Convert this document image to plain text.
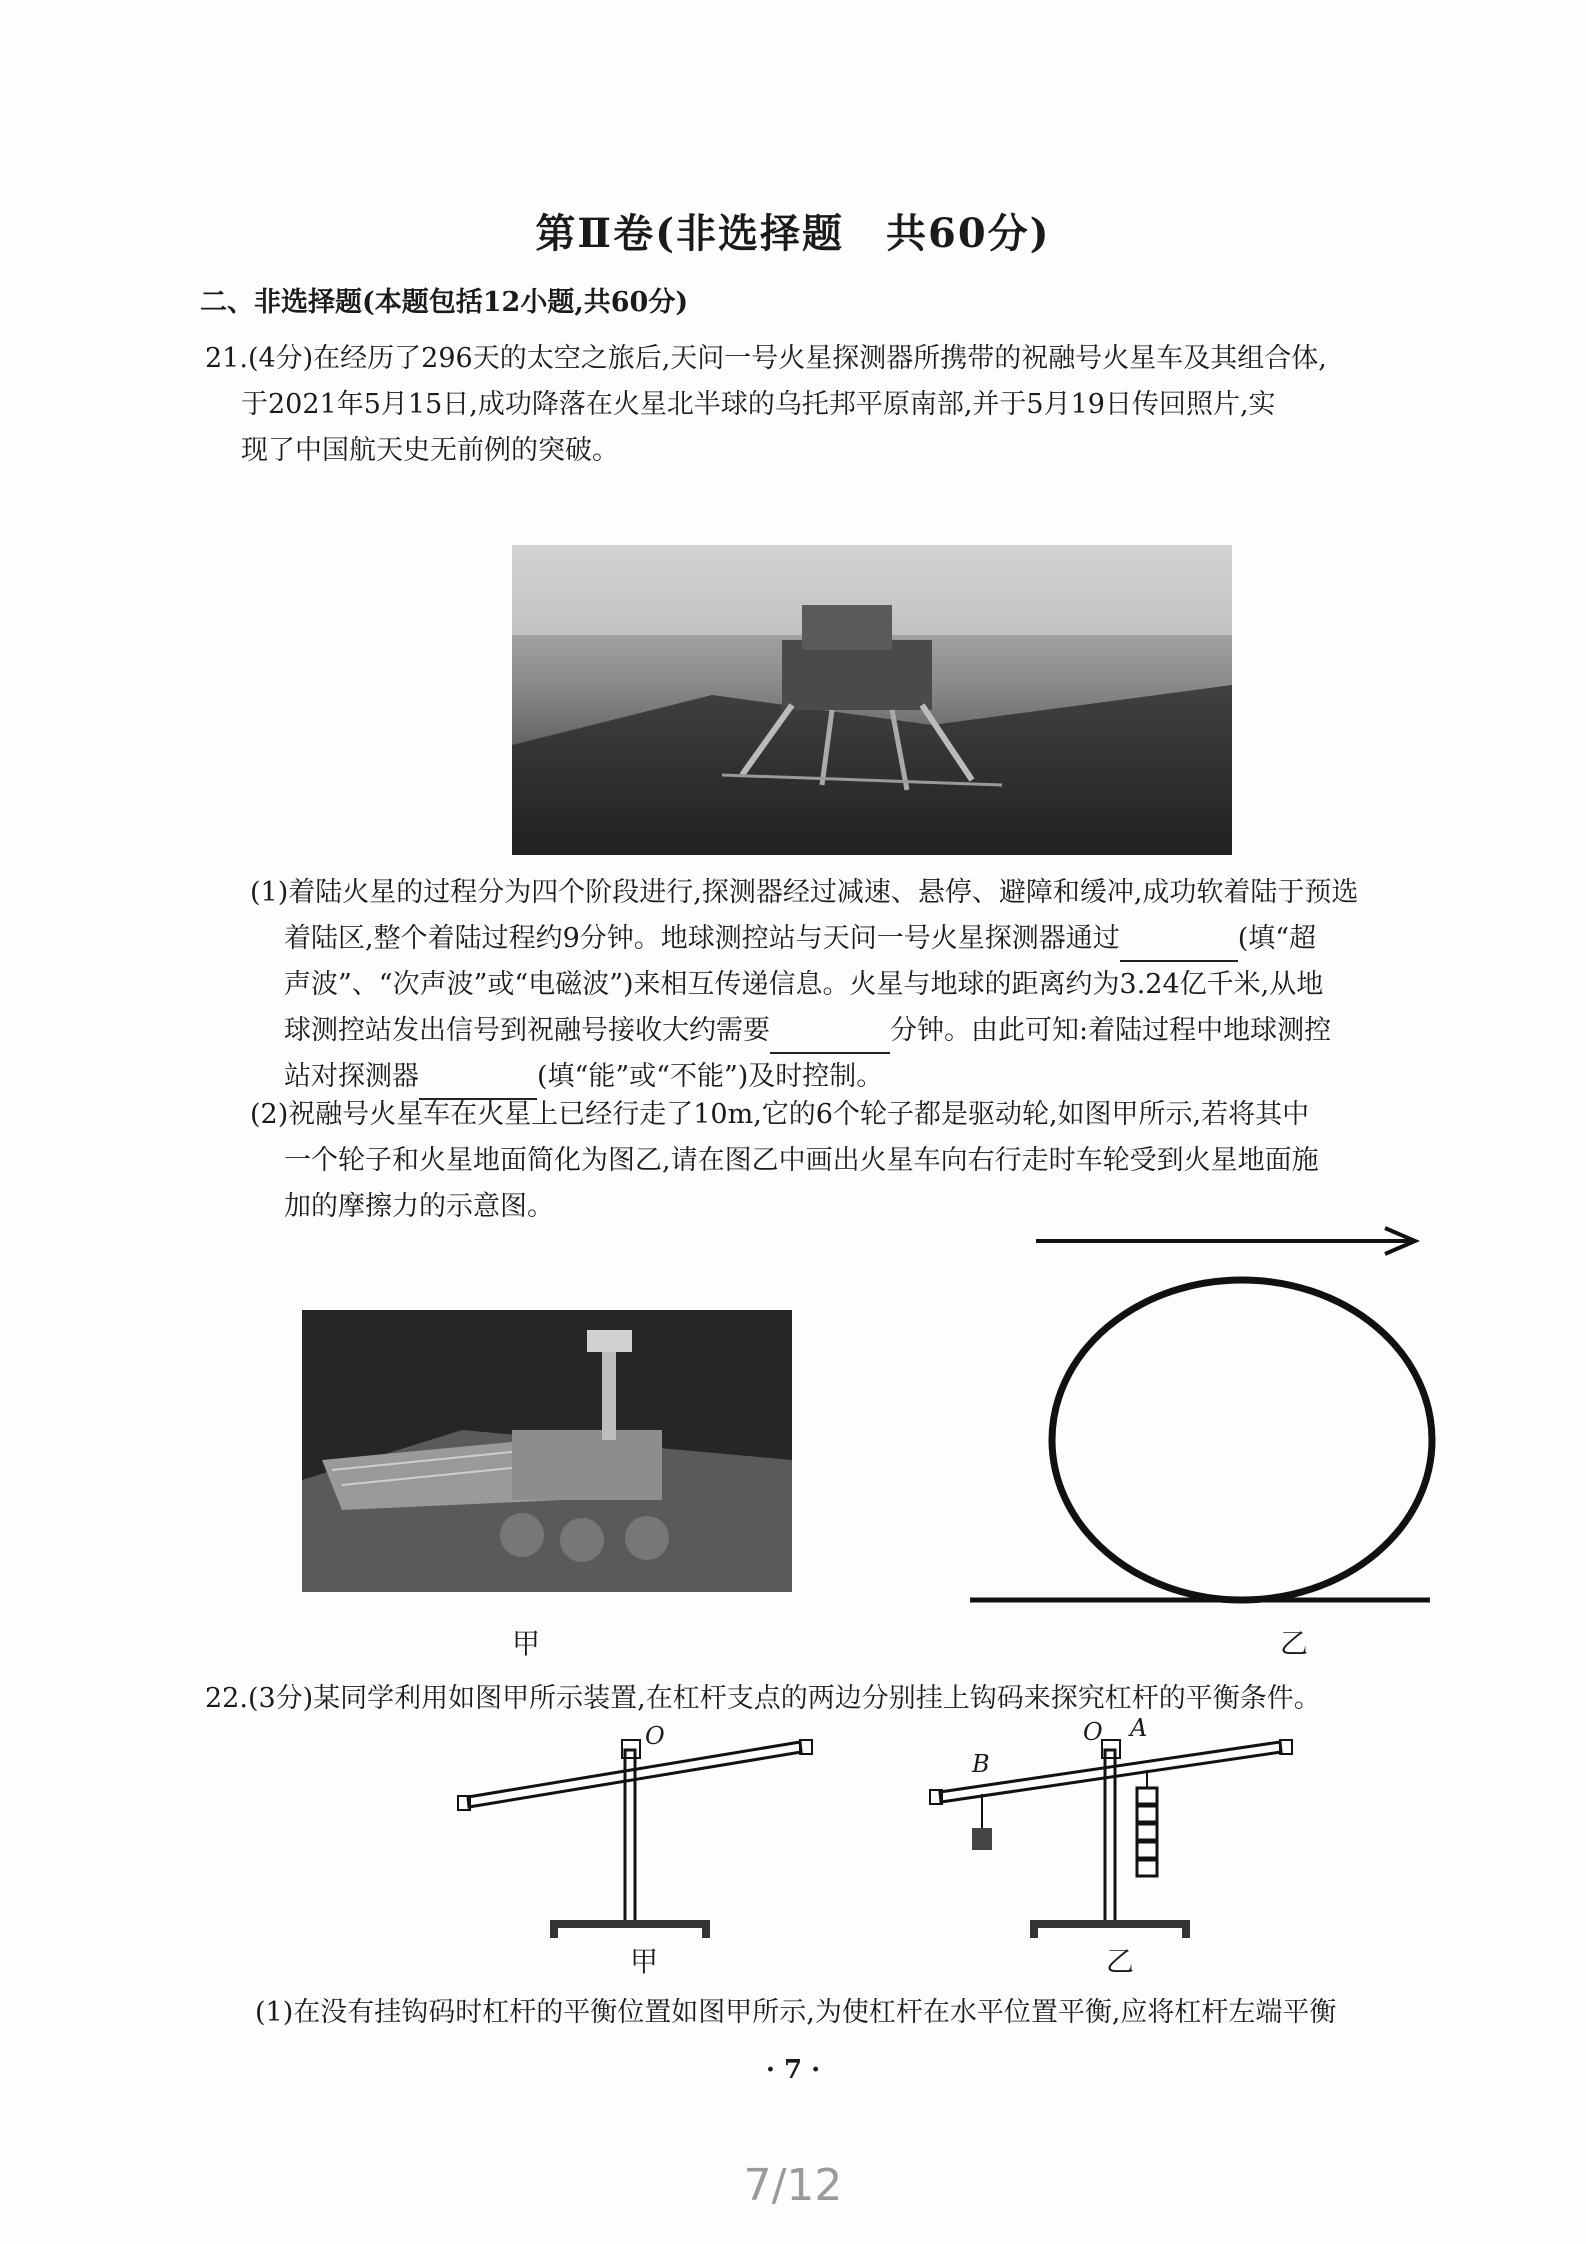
第Ⅱ卷(非选择题　共60分)
二、非选择题(本题包括12小题,共60分)
21.(4分)在经历了296天的太空之旅后,天问一号火星探测器所携带的祝融号火星车及其组合体,
于2021年5月15日,成功降落在火星北半球的乌托邦平原南部,并于5月19日传回照片,实
现了中国航天史无前例的突破。
(1)着陆火星的过程分为四个阶段进行,探测器经过减速、悬停、避障和缓冲,成功软着陆于预选
着陆区,整个着陆过程约9分钟。地球测控站与天问一号火星探测器通过	(填“超
声波”、“次声波”或“电磁波”)来相互传递信息。火星与地球的距离约为3.24亿千米,从地
球测控站发出信号到祝融号接收大约需要	分钟。由此可知:着陆过程中地球测控
站对探测器	(填“能”或“不能”)及时控制。
(2)祝融号火星车在火星上已经行走了10m,它的6个轮子都是驱动轮,如图甲所示,若将其中
一个轮子和火星地面简化为图乙,请在图乙中画出火星车向右行走时车轮受到火星地面施
加的摩擦力的示意图。
甲	乙
22.(3分)某同学利用如图甲所示装置,在杠杆支点的两边分别挂上钩码来探究杠杆的平衡条件。
O	O A
B
甲	乙
(1)在没有挂钩码时杠杆的平衡位置如图甲所示,为使杠杆在水平位置平衡,应将杠杆左端平衡
· 7 ·
7/12
